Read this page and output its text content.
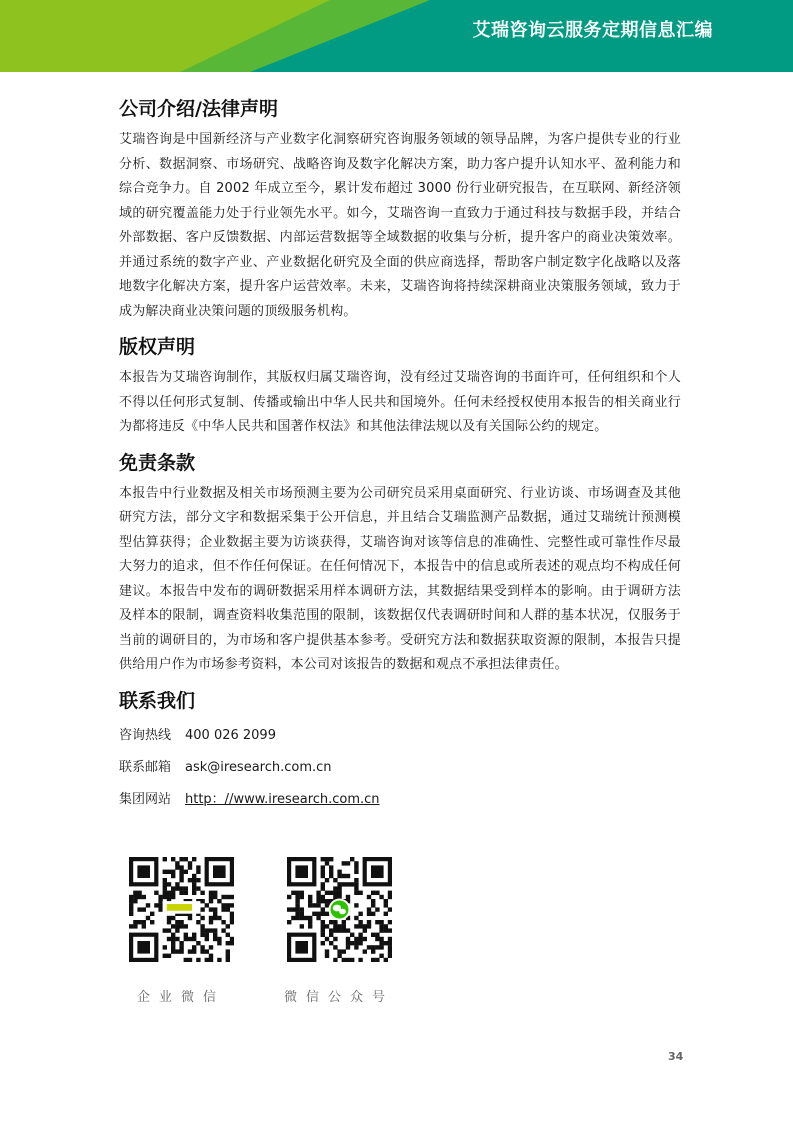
艾瑞咨询云服务定期信息汇编
公司介绍/法律声明

艾瑞咨询是中国新经济与产业数字化洞察研究咨询服务领域的领导品牌，为客户提供专业的行业分析、数据洞察、市场研究、战略咨询及数字化解决方案，助力客户提升认知水平、盈利能力和综合竞争力。自 2002 年成立至今，累计发布超过 3000 份行业研究报告，在互联网、新经济领域的研究覆盖能力处于行业领先水平。如今，艾瑞咨询一直致力于通过科技与数据手段，并结合外部数据、客户反馈数据、内部运营数据等全域数据的收集与分析，提升客户的商业决策效率。并通过系统的数字产业、产业数据化研究及全面的供应商选择，帮助客户制定数字化战略以及落地数字化解决方案，提升客户运营效率。未来，艾瑞咨询将持续深耕商业决策服务领域，致力于成为解决商业决策问题的顶级服务机构。

版权声明

本报告为艾瑞咨询制作，其版权归属艾瑞咨询，没有经过艾瑞咨询的书面许可，任何组织和个人不得以任何形式复制、传播或输出中华人民共和国境外。任何未经授权使用本报告的相关商业行为都将违反《中华人民共和国著作权法》和其他法律法规以及有关国际公约的规定。

免责条款

本报告中行业数据及相关市场预测主要为公司研究员采用桌面研究、行业访谈、市场调查及其他研究方法，部分文字和数据采集于公开信息，并且结合艾瑞监测产品数据，通过艾瑞统计预测模型估算获得；企业数据主要为访谈获得，艾瑞咨询对该等信息的准确性、完整性或可靠性作尽最大努力的追求，但不作任何保证。在任何情况下，本报告中的信息或所表述的观点均不构成任何建议。本报告中发布的调研数据采用样本调研方法，其数据结果受到样本的影响。由于调研方法及样本的限制，调查资料收集范围的限制，该数据仅代表调研时间和人群的基本状况，仅服务于当前的调研目的，为市场和客户提供基本参考。受研究方法和数据获取资源的限制，本报告只提供给用户作为市场参考资料，本公司对该报告的数据和观点不承担法律责任。

联系我们
咨询热线 400 026 2099
联系邮箱 ask@iresearch.com.cn
集团网站 http：//www.iresearch.com.cn
企业微信	微信公众号
34
